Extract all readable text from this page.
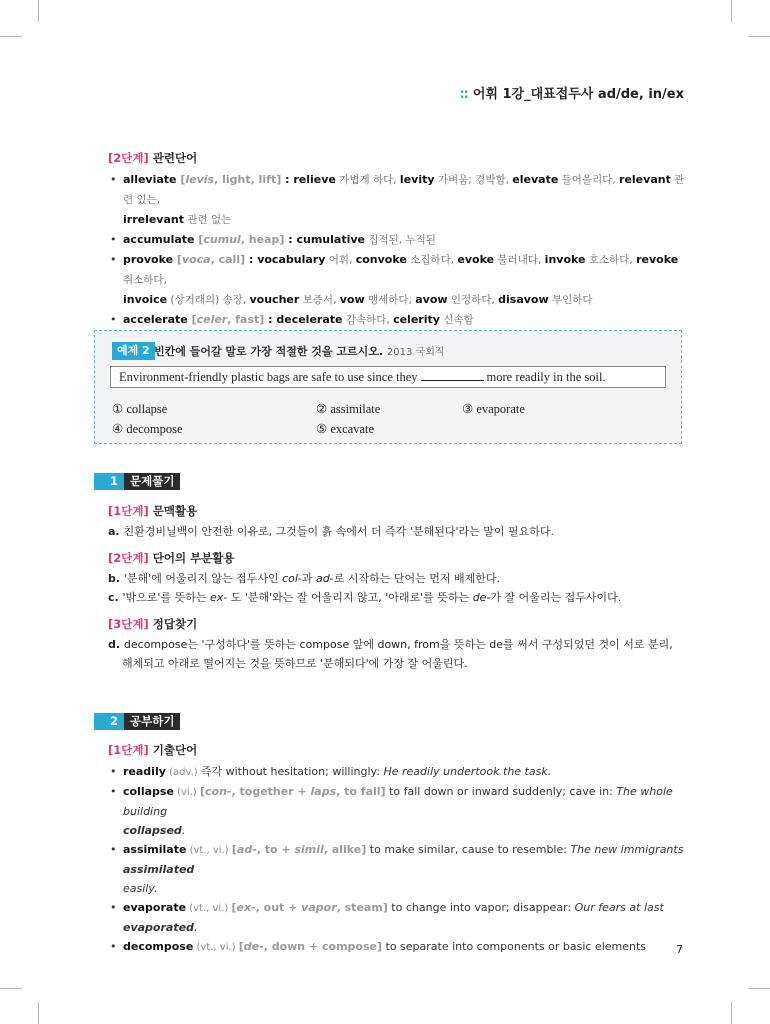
:: 어휘 1강_대표접두사 ad/de, in/ex

[2단계] 관련단어

• alleviate [levis, light, lift] : relieve 가볍게 하다, levity 가벼움; 경박함, elevate 들어올리다, relevant 관련 있는,
irrelevant 관련 없는
• accumulate [cumul, heap] : cumulative 집적된, 누적된
• provoke [voca, call] : vocabulary 어휘, convoke 소집하다, evoke 불러내다, invoke 호소하다, revoke 취소하다,
invoice (상거래의) 송장, voucher 보증서, vow 맹세하다, avow 인정하다, disavow 부인하다
• accelerate [celer, fast] : decelerate 감속하다, celerity 신속함
예제 2 빈칸에 들어갈 말로 가장 적절한 것을 고르시오. 2013 국회직
Environment-friendly plastic bags are safe to use since they	more readily in the soil.
① collapse	② assimilate	③ evaporate
④ decompose	⑤ excavate
1	문제풀기

[1단계] 문맥활용

a. 친환경비닐백이 안전한 이유로, 그것들이 흙 속에서 더 즉각 '분해된다'라는 말이 필요하다.

[2단계] 단어의 부분활용

b. '분해'에 어울리지 않는 접두사인 col-과 ad-로 시작하는 단어는 먼저 배제한다.

c. '밖으로'를 뜻하는 ex- 도 '분해'와는 잘 어울리지 않고, '아래로'를 뜻하는 de-가 잘 어울리는 접두사이다.

[3단계] 정답찾기

d. decompose는 '구성하다'를 뜻하는 compose 앞에 down, from을 뜻하는 de를 써서 구성되었던 것이 서로 분리,

해체되고 아래로 떨어지는 것을 뜻하므로 '분해되다'에 가장 잘 어울린다.

2	공부하기

[1단계] 기출단어

• readily (adv.) 즉각 without hesitation; willingly: He readily undertook the task.
• collapse (vi.) [con-, together + laps, to fall] to fall down or inward suddenly; cave in: The whole building
collapsed.
• assimilate (vt., vi.) [ad-, to + simil, alike] to make similar, cause to resemble: The new immigrants assimilated
easily.
• evaporate (vt., vi.) [ex-, out + vapor, steam] to change into vapor; disappear: Our fears at last evaporated.
• decompose (vt., vi.) [de-, down + compose] to separate into components or basic elements	7
